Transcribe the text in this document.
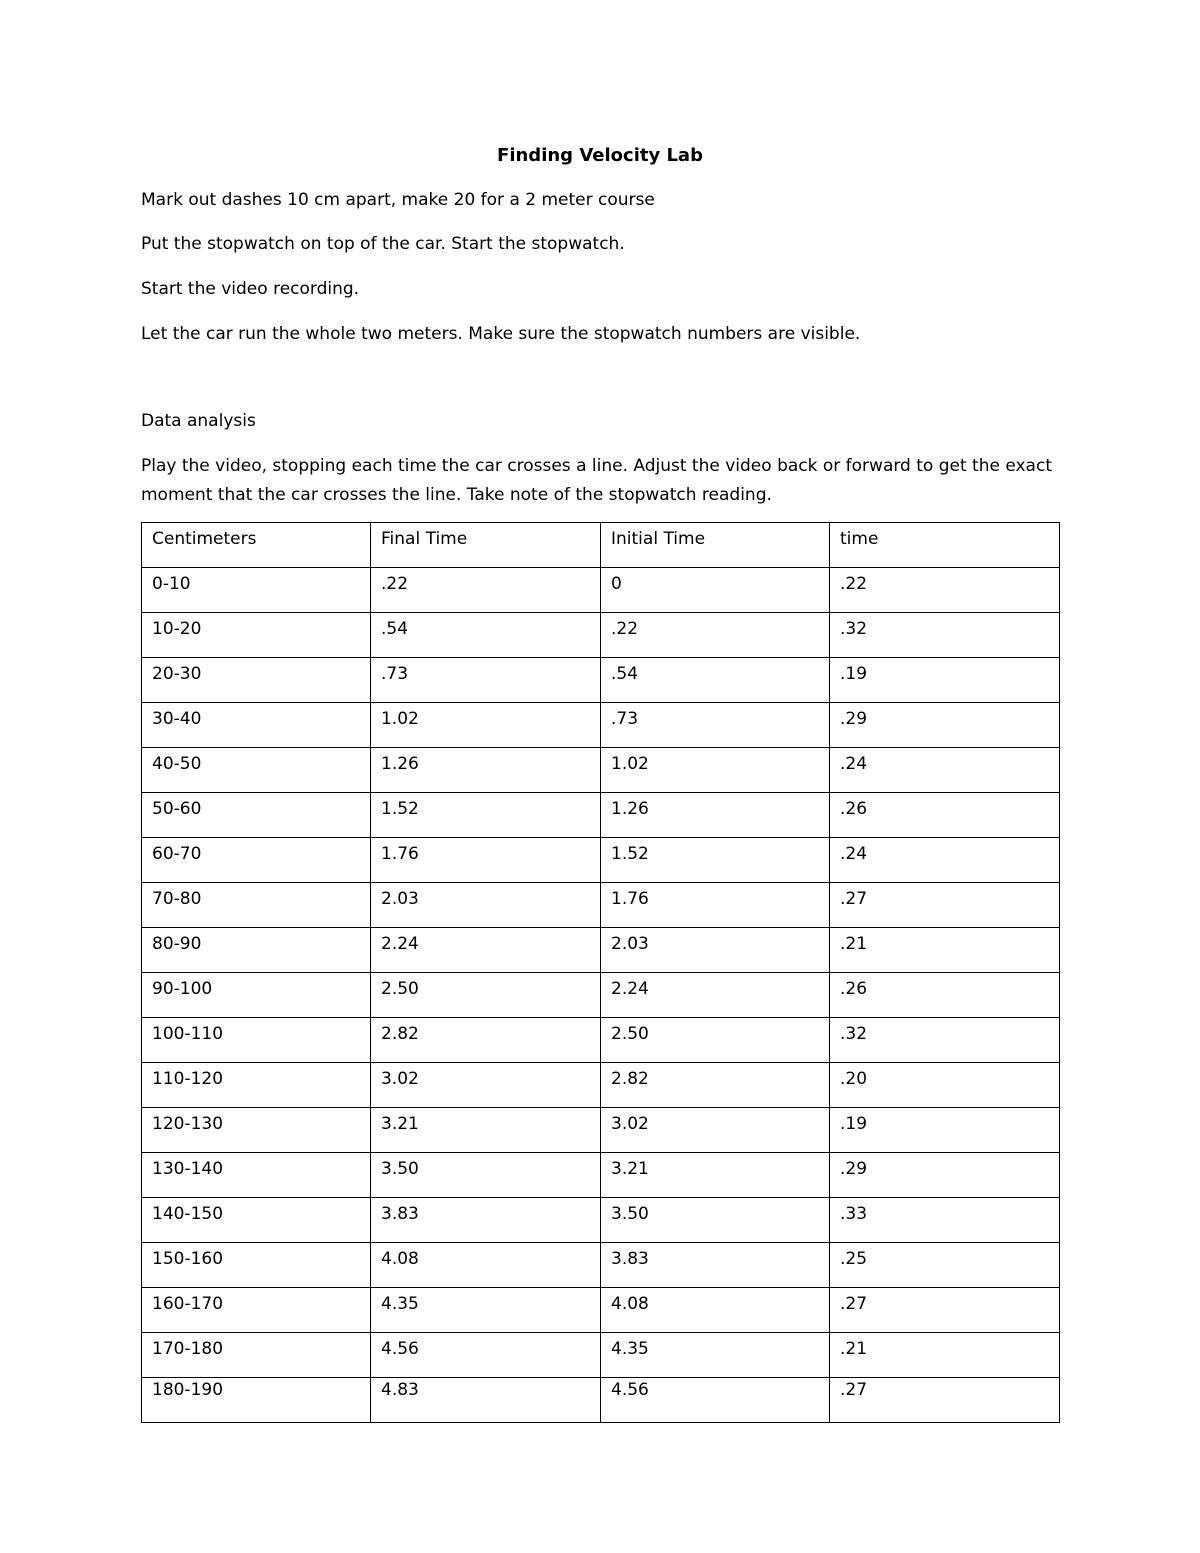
Finding Velocity Lab

Mark out dashes 10 cm apart, make 20 for a 2 meter course

Put the stopwatch on top of the car. Start the stopwatch.

Start the video recording.

Let the car run the whole two meters. Make sure the stopwatch numbers are visible.

Data analysis

Play the video, stopping each time the car crosses a line. Adjust the video back or forward to get the exact moment that the car crosses the line. Take note of the stopwatch reading.

Centimeters	Final Time	Initial Time	time
0-10	.22	0	.22
10-20	.54	.22	.32
20-30	.73	.54	.19
30-40	1.02	.73	.29
40-50	1.26	1.02	.24
50-60	1.52	1.26	.26
60-70	1.76	1.52	.24
70-80	2.03	1.76	.27
80-90	2.24	2.03	.21
90-100	2.50	2.24	.26
100-110	2.82	2.50	.32
110-120	3.02	2.82	.20
120-130	3.21	3.02	.19
130-140	3.50	3.21	.29
140-150	3.83	3.50	.33
150-160	4.08	3.83	.25
160-170	4.35	4.08	.27
170-180	4.56	4.35	.21
180-190	4.83	4.56	.27
